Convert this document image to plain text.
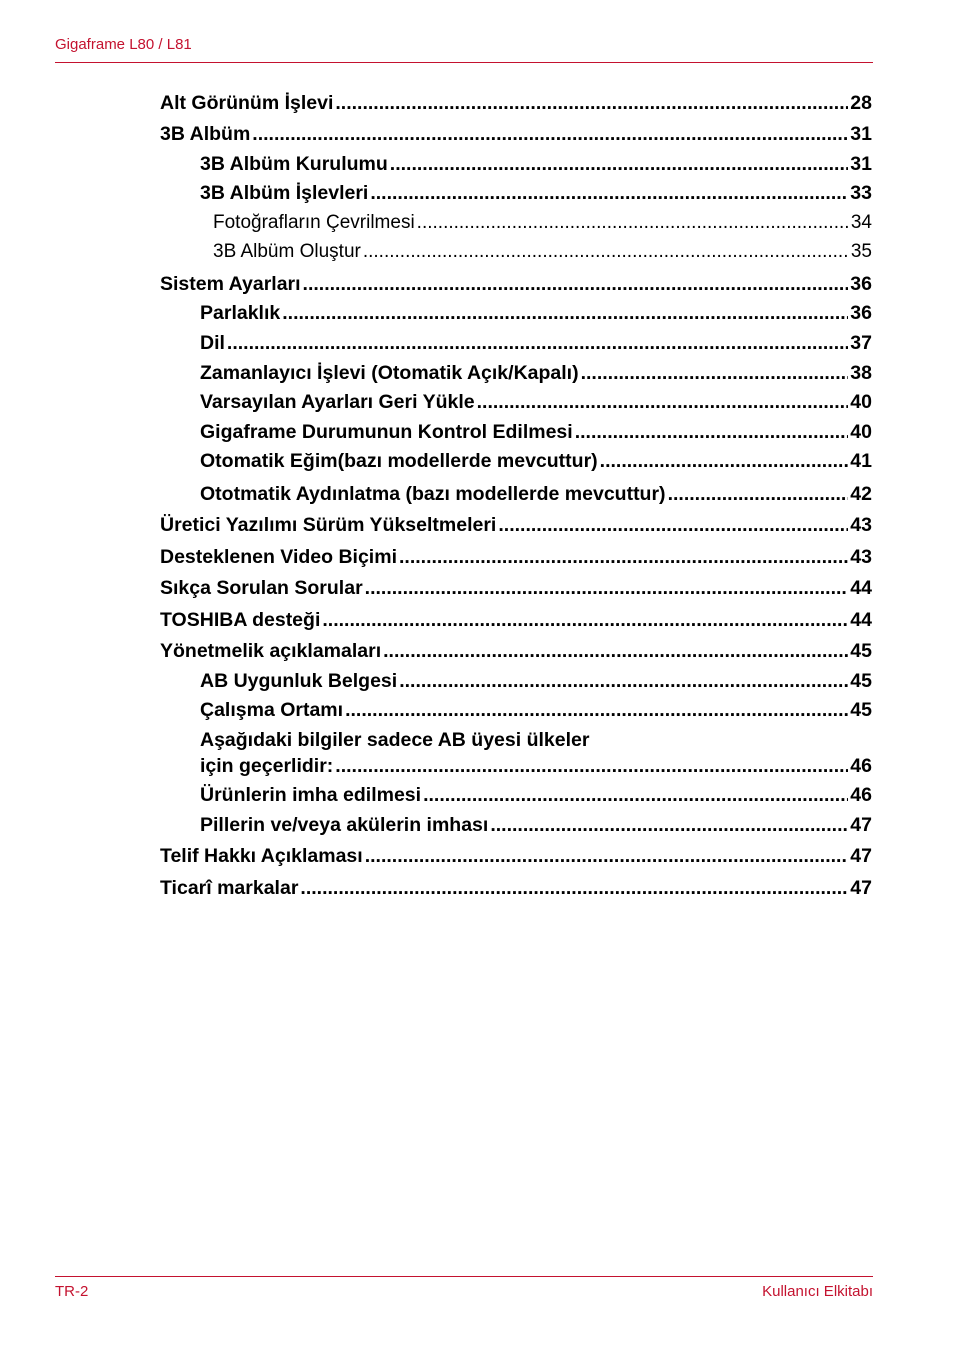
Gigaframe L80 / L81
Alt Görünüm İşlevi .....	28
3B Albüm .....	31
3B Albüm Kurulumu .....	31
3B Albüm İşlevleri .....	33
Fotoğrafların Çevrilmesi .....	34
3B Albüm Oluştur .....	35
Sistem Ayarları .....	36
Parlaklık .....	36
Dil .....	37
Zamanlayıcı İşlevi (Otomatik Açık/Kapalı) .....	38
Varsayılan Ayarları Geri Yükle .....	40
Gigaframe Durumunun Kontrol Edilmesi .....	40
Otomatik Eğim(bazı modellerde mevcuttur) .....	41
Ototmatik Aydınlatma (bazı modellerde mevcuttur) .....	42
Üretici Yazılımı Sürüm Yükseltmeleri .....	43
Desteklenen Video Biçimi .....	43
Sıkça Sorulan Sorular .....	44
TOSHIBA desteği .....	44
Yönetmelik açıklamaları .....	45
AB Uygunluk Belgesi .....	45
Çalışma Ortamı .....	45
Aşağıdaki bilgiler sadece AB üyesi ülkeler
için geçerlidir: .....	46
Ürünlerin imha edilmesi .....	46
Pillerin ve/veya akülerin imhası .....	47
Telif Hakkı Açıklaması .....	47
Ticarî markalar .....	47
TR-2	Kullanıcı Elkitabı
